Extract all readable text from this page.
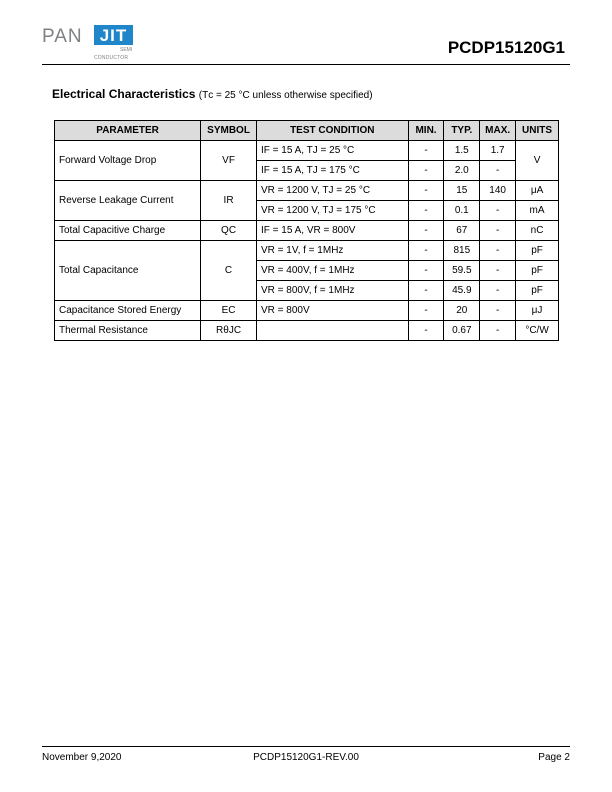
PAN	JIT
SEMI
CONDUCTOR
PCDP15120G1
Electrical Characteristics (Tᴄ = 25 °C unless otherwise specified)
PARAMETER	SYMBOL	TEST CONDITION	MIN.	TYP.	MAX.	UNITS
Forward Voltage Drop	VF	IF = 15 A, TJ = 25 °C	-	1.5	1.7	V
		IF = 15 A, TJ = 175 °C	-	2.0	-	
Reverse Leakage Current	IR	VR = 1200 V, TJ = 25 °C	-	15	140	μA
		VR = 1200 V, TJ = 175 °C	-	0.1	-	mA
Total Capacitive Charge	QC	IF = 15 A, VR = 800V	-	67	-	nC
Total Capacitance	C	VR = 1V, f = 1MHz	-	815	-	pF
		VR = 400V, f = 1MHz	-	59.5	-	pF
		VR = 800V, f = 1MHz	-	45.9	-	pF
Capacitance Stored Energy	EC	VR = 800V	-	20	-	μJ
Thermal Resistance	RθJC		-	0.67	-	°C/W
November 9,2020	PCDP15120G1-REV.00	Page 2
